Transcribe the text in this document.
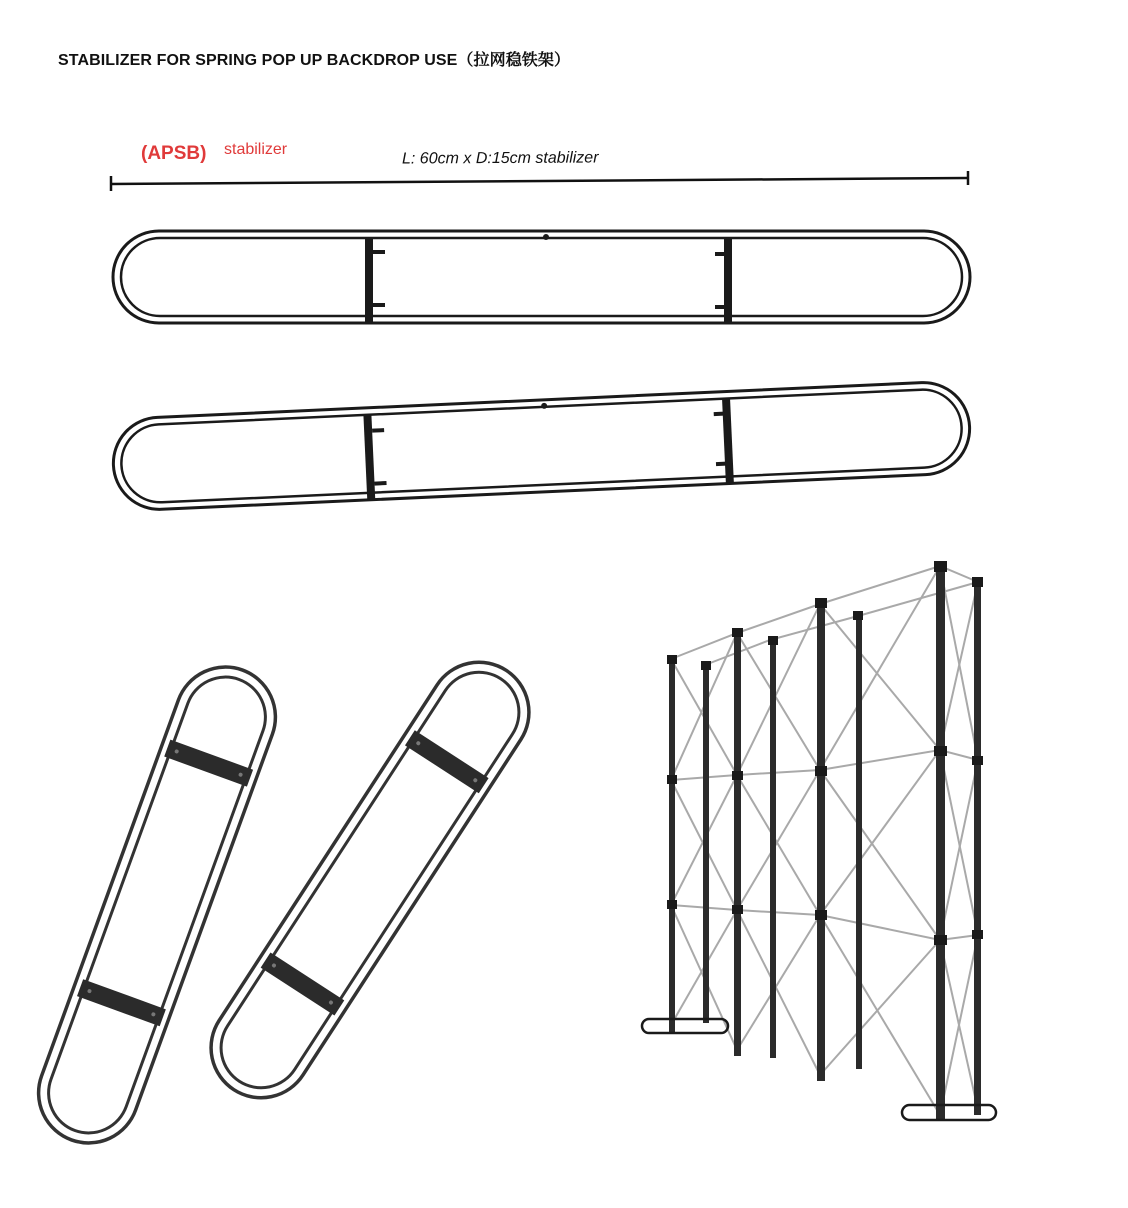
STABILIZER FOR SPRING POP UP BACKDROP USE（拉网稳铁架）
(APSB) stabilizer	L: 60cm x D:15cm stabilizer
